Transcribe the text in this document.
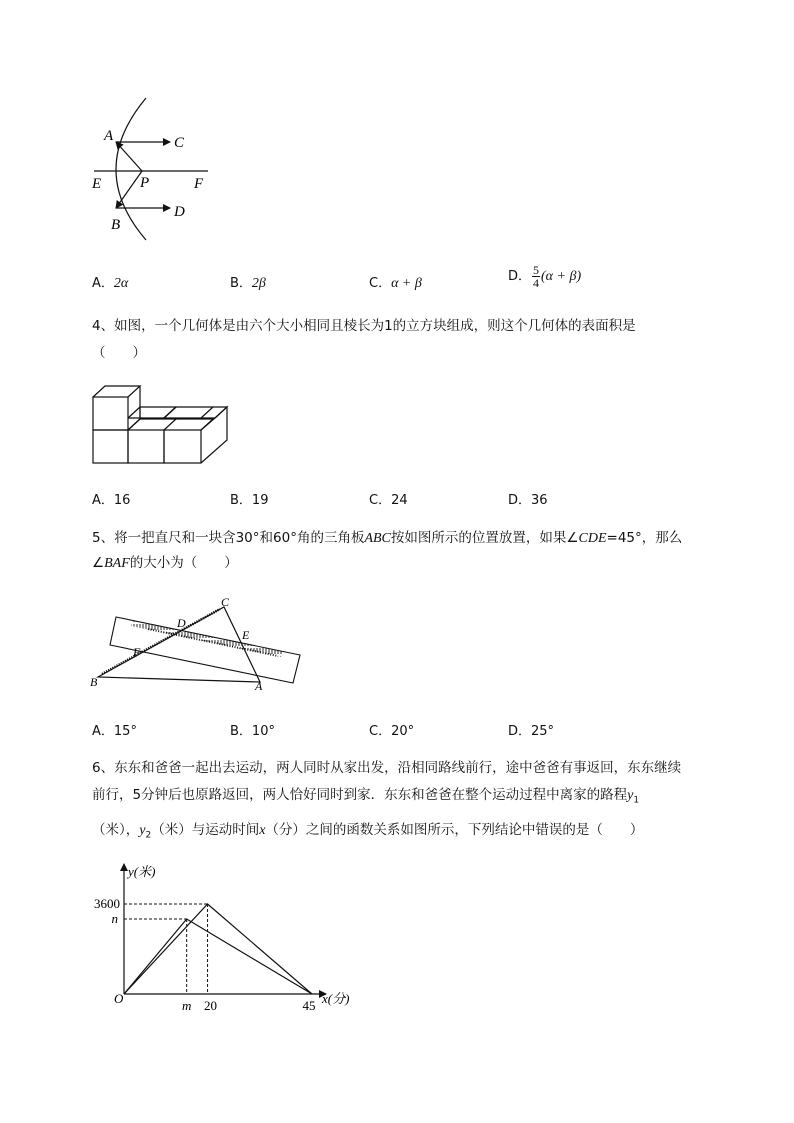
A	C
E	P	F
B
D
A．2α	B．2β	C．α + β	D． $\frac{5}{4} (\alpha + \beta)$
4、如图，一个几何体是由六个大小相同且棱长为1的立方块组成，则这个几何体的表面积是
（　　）
A．16	B．19	C．24	D．36
5、将一把直尺和一块含30°和60°角的三角板ABC按如图所示的位置放置，如果∠CDE=45°，那么
∠BAF的大小为（　　）
C
D
E
F
B	A
A．15°	B．10°	C．20°	D．25°
6、东东和爸爸一起出去运动，两人同时从家出发，沿相同路线前行，途中爸爸有事返回，东东继续
前行，5分钟后也原路返回，两人恰好同时到家．东东和爸爸在整个运动过程中离家的路程$y_1$
（米），$y_2$（米）与运动时间x（分）之间的函数关系如图所示，下列结论中错误的是（　　）
y(米)
x(分)
O
3600
n
m 20	45
